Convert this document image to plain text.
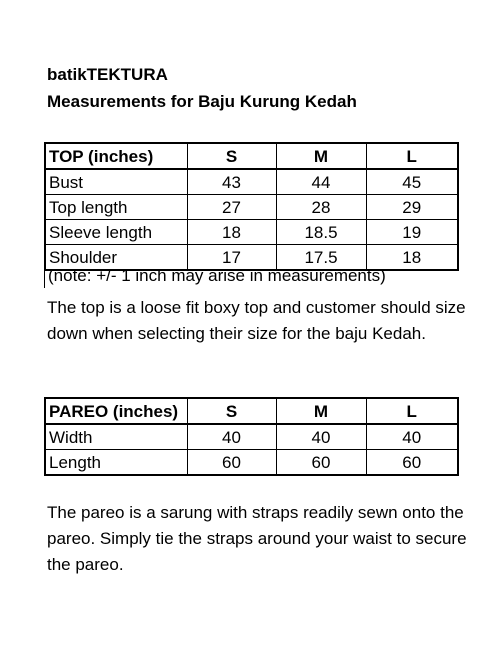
batikTEKTURA
Measurements for Baju Kurung Kedah
TOP (inches)	S	M	L
Bust	43	44	45
Top length	27	28	29
Sleeve length	18	18.5	19
Shoulder	17	17.5	18
(note: +/- 1 inch may arise in measurements)
The top is a loose fit boxy top and customer should size down when selecting their size for the baju Kedah.
PAREO (inches)	S	M	L
Width	40	40	40
Length	60	60	60
The pareo is a sarung with straps readily sewn onto the pareo. Simply tie the straps around your waist to secure the pareo.
